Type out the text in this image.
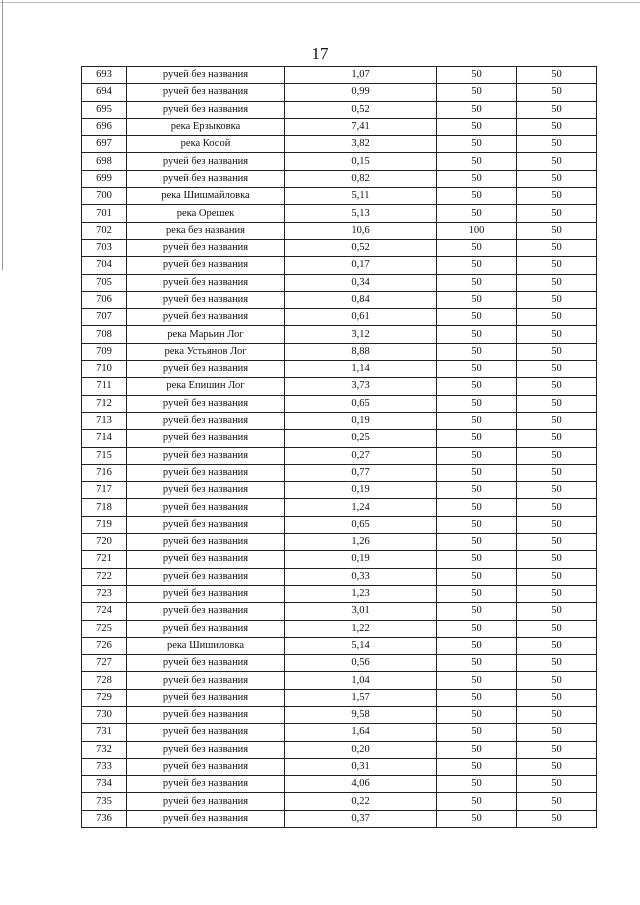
17
693	ручей без названия	1,07	50	50
694	ручей без названия	0,99	50	50
695	ручей без названия	0,52	50	50
696	река Ерзыковка	7,41	50	50
697	река Косой	3,82	50	50
698	ручей без названия	0,15	50	50
699	ручей без названия	0,82	50	50
700	река Шишмайловка	5,11	50	50
701	река Орешек	5,13	50	50
702	река без названия	10,6	100	50
703	ручей без названия	0,52	50	50
704	ручей без названия	0,17	50	50
705	ручей без названия	0,34	50	50
706	ручей без названия	0,84	50	50
707	ручей без названия	0,61	50	50
708	река Марьин Лог	3,12	50	50
709	река Устьянов Лог	8,88	50	50
710	ручей без названия	1,14	50	50
711	река Епишин Лог	3,73	50	50
712	ручей без названия	0,65	50	50
713	ручей без названия	0,19	50	50
714	ручей без названия	0,25	50	50
715	ручей без названия	0,27	50	50
716	ручей без названия	0,77	50	50
717	ручей без названия	0,19	50	50
718	ручей без названия	1,24	50	50
719	ручей без названия	0,65	50	50
720	ручей без названия	1,26	50	50
721	ручей без названия	0,19	50	50
722	ручей без названия	0,33	50	50
723	ручей без названия	1,23	50	50
724	ручей без названия	3,01	50	50
725	ручей без названия	1,22	50	50
726	река Шишиловка	5,14	50	50
727	ручей без названия	0,56	50	50
728	ручей без названия	1,04	50	50
729	ручей без названия	1,57	50	50
730	ручей без названия	9,58	50	50
731	ручей без названия	1,64	50	50
732	ручей без названия	0,20	50	50
733	ручей без названия	0,31	50	50
734	ручей без названия	4,06	50	50
735	ручей без названия	0,22	50	50
736	ручей без названия	0,37	50	50
